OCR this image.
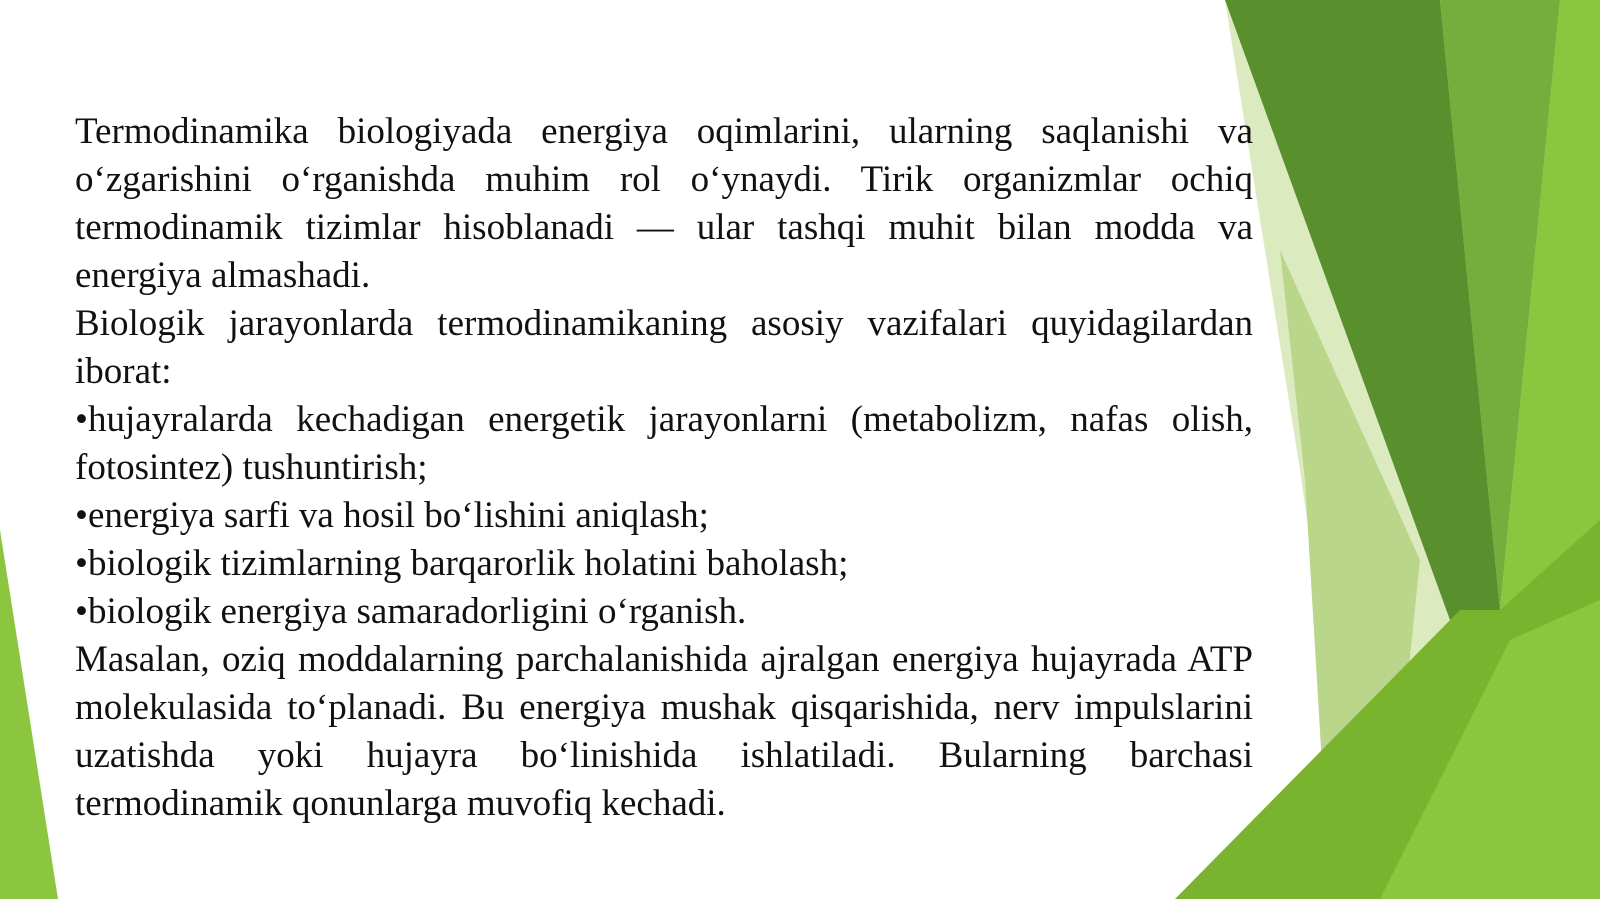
Termodinamika biologiyada energiya oqimlarini, ularning saqlanishi va o‘zgarishini o‘rganishda muhim rol o‘ynaydi. Tirik organizmlar ochiq termodinamik tizimlar hisoblanadi — ular tashqi muhit bilan modda va energiya almashadi.

Biologik jarayonlarda termodinamikaning asosiy vazifalari quyidagilardan iborat:

•hujayralarda kechadigan energetik jarayonlarni (metabolizm, nafas olish, fotosintez) tushuntirish;

•energiya sarfi va hosil bo‘lishini aniqlash;

•biologik tizimlarning barqarorlik holatini baholash;

•biologik energiya samaradorligini o‘rganish.

Masalan, oziq moddalarning parchalanishida ajralgan energiya hujayrada ATP molekulasida to‘planadi. Bu energiya mushak qisqarishida, nerv impulslarini uzatishda yoki hujayra bo‘linishida ishlatiladi. Bularning barchasi termodinamik qonunlarga muvofiq kechadi.
